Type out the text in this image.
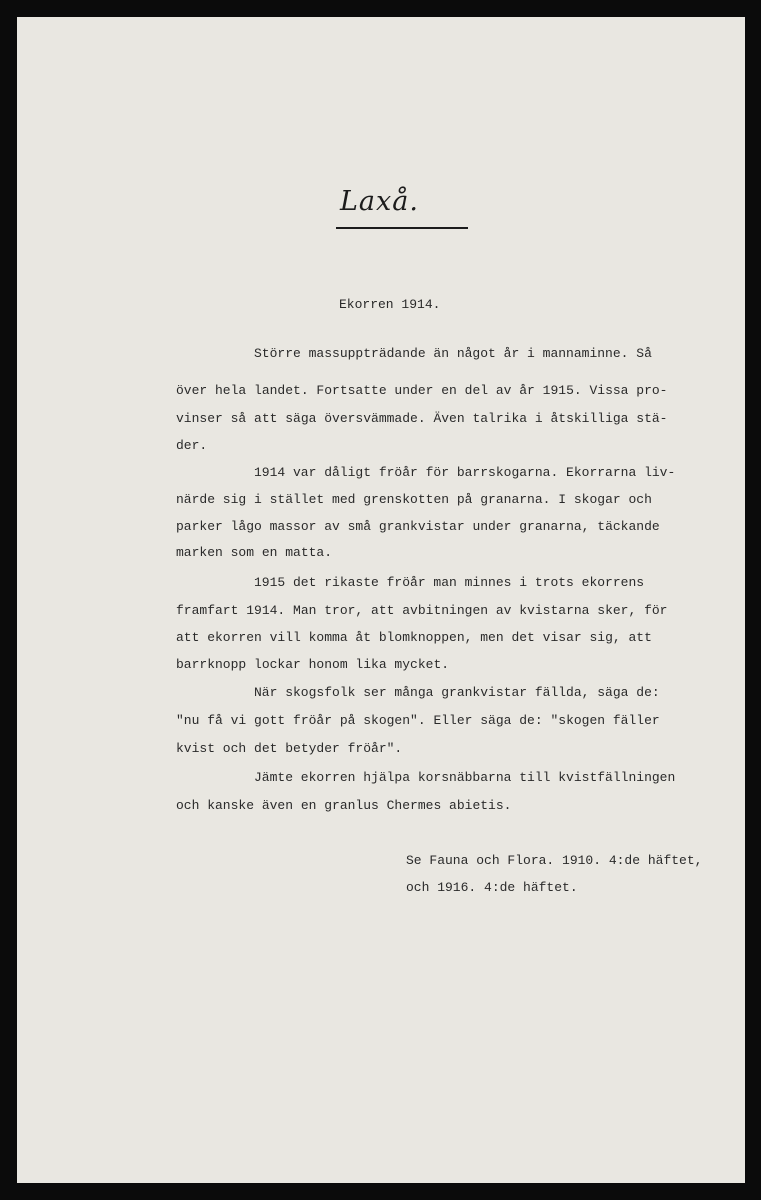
Laxå.

Ekorren 1914.

Större massuppträdande än något år i mannaminne. Så

över hela landet. Fortsatte under en del av år 1915. Vissa pro-

vinser så att säga översvämmade. Även talrika i åtskilliga stä-

der.

1914 var dåligt fröår för barrskogarna. Ekorrarna liv-

närde sig i stället med grenskotten på granarna. I skogar och

parker lågo massor av små grankvistar under granarna, täckande

marken som en matta.

1915 det rikaste fröår man minnes i trots ekorrens

framfart 1914. Man tror, att avbitningen av kvistarna sker, för

att ekorren vill komma åt blomknoppen, men det visar sig, att

barrknopp lockar honom lika mycket.

När skogsfolk ser många grankvistar fällda, säga de:

"nu få vi gott fröår på skogen". Eller säga de: "skogen fäller

kvist och det betyder fröår".

Jämte ekorren hjälpa korsnäbbarna till kvistfällningen

och kanske även en granlus Chermes abietis.

Se Fauna och Flora. 1910. 4:de häftet,

och 1916. 4:de häftet.
